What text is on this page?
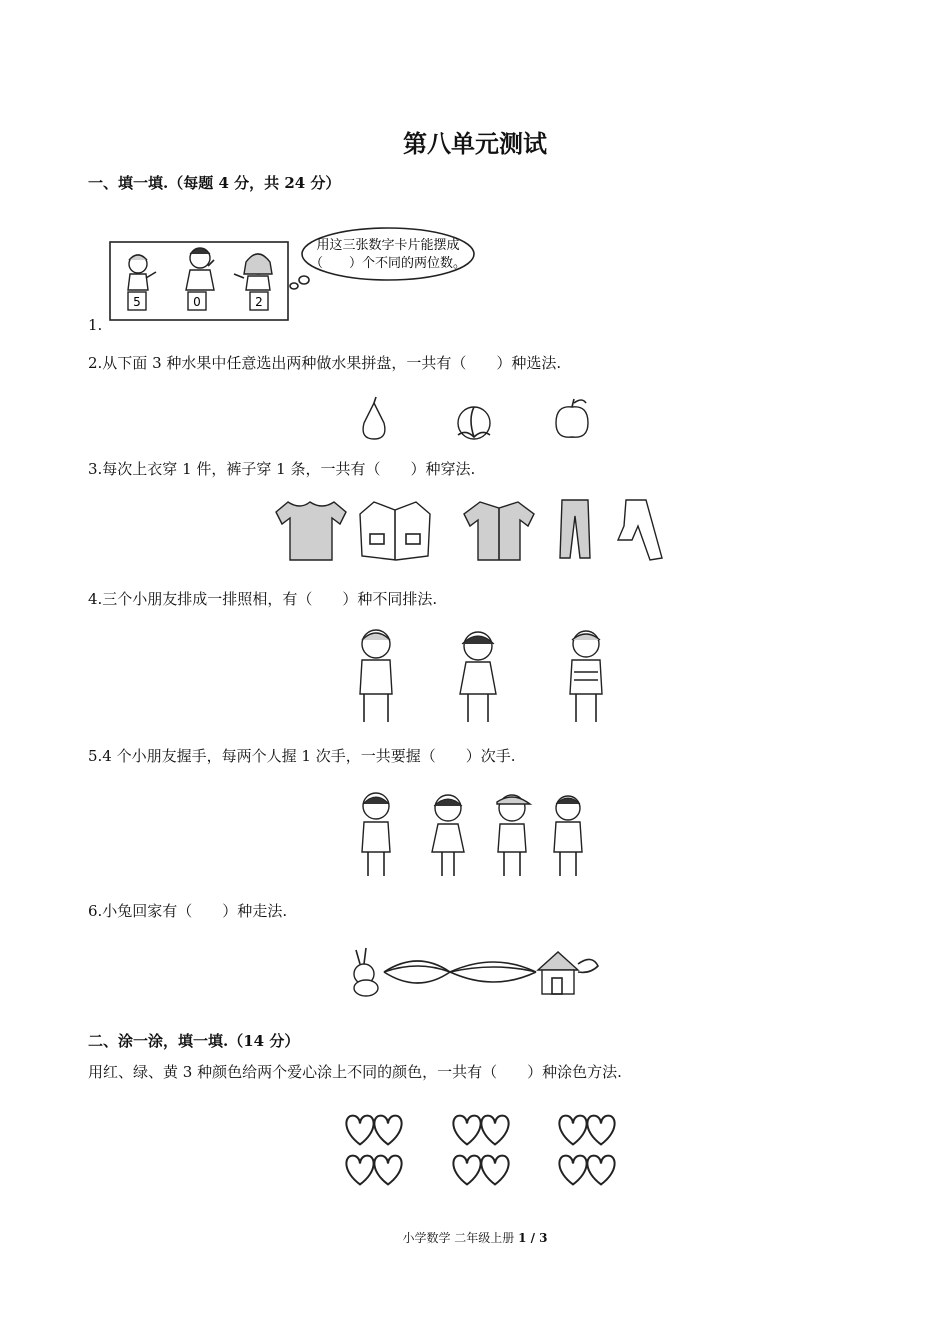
第八单元测试
一、填一填.（每题 4 分，共 24 分）
5	0	2
用这三张数字卡片能摆成
（　　）个不同的两位数。
1.
2.从下面 3 种水果中任意选出两种做水果拼盘，一共有（　　）种选法.
3.每次上衣穿 1 件，裤子穿 1 条，一共有（　　）种穿法.
4.三个小朋友排成一排照相，有（　　）种不同排法.
5.4 个小朋友握手，每两个人握 1 次手，一共要握（　　）次手.
6.小兔回家有（　　）种走法.
二、涂一涂，填一填.（14 分）
用红、绿、黄 3 种颜色给两个爱心涂上不同的颜色，一共有（　　）种涂色方法.
小学数学 二年级上册 1 / 3
